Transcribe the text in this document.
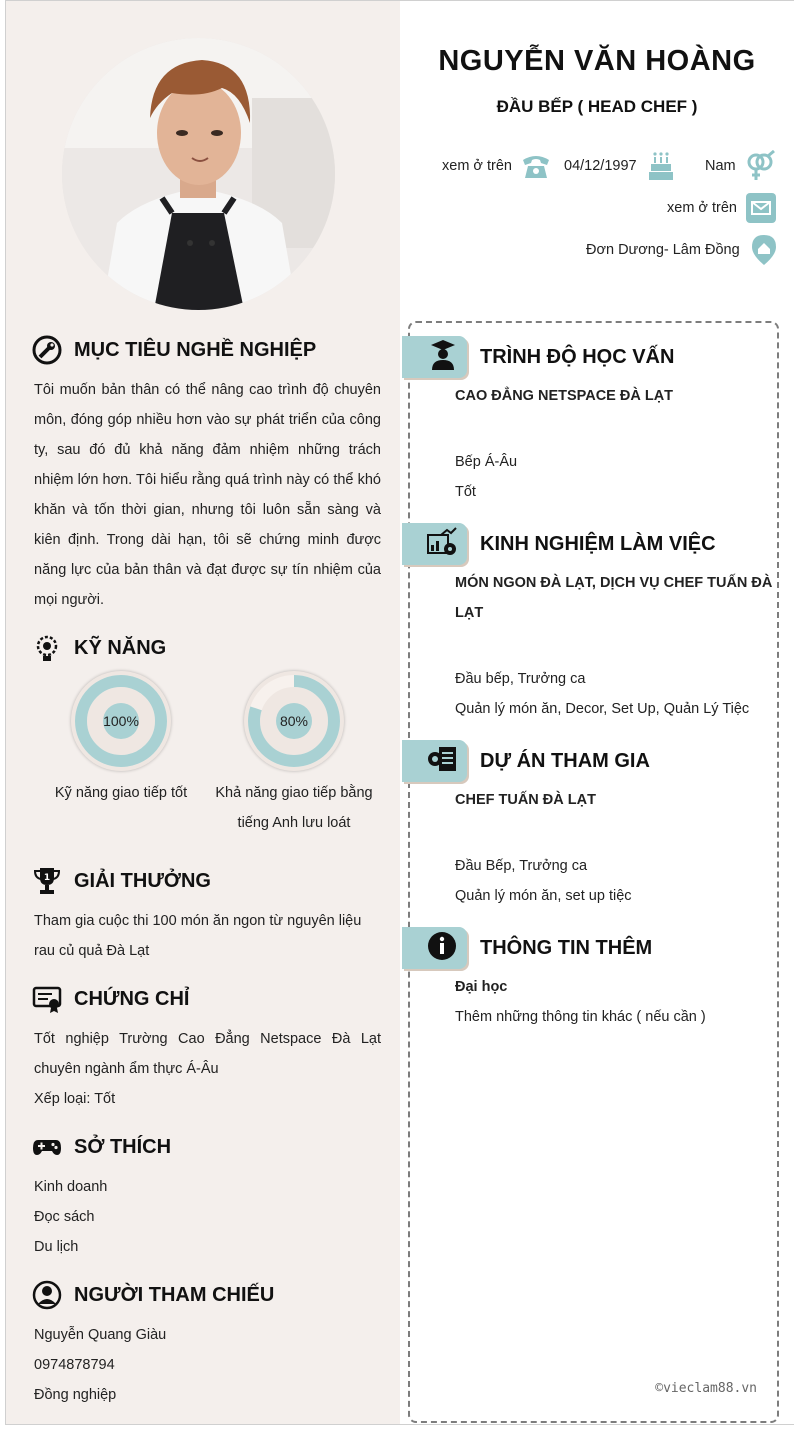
MỤC TIÊU NGHỀ NGHIỆP
Tôi muốn bản thân có thể nâng cao trình độ chuyên môn, đóng góp nhiều hơn vào sự phát triển của công ty, sau đó đủ khả năng đảm nhiệm những trách nhiệm lớn hơn. Tôi hiểu rằng quá trình này có thể khó khăn và tốn thời gian, nhưng tôi luôn sẵn sàng và kiên định. Trong dài hạn, tôi sẽ chứng minh được năng lực của bản thân và đạt được sự tín nhiệm của mọi người.
KỸ NĂNG
100%
Kỹ năng giao tiếp tốt
80%
Khả năng giao tiếp bằng
tiếng Anh lưu loát
1 GIẢI THƯỞNG
Tham gia cuộc thi 100 món ăn ngon từ nguyên liệu
rau củ quả Đà Lạt
CHỨNG CHỈ
Tốt nghiệp Trường Cao Đẳng Netspace Đà Lạt
chuyên ngành ẩm thực Á-Âu
Xếp loại: Tốt
SỞ THÍCH
Kinh doanh
Đọc sách
Du lịch
NGƯỜI THAM CHIẾU
Nguyễn Quang Giàu
0974878794
Đồng nghiệp
NGUYỄN VĂN HOÀNG
ĐẦU BẾP ( HEAD CHEF )
xem ở trên	04/12/1997	Nam
xem ở trên
Đơn Dương- Lâm Đồng
TRÌNH ĐỘ HỌC VẤN
CAO ĐẲNG NETSPACE ĐÀ LẠT
Bếp Á-Âu
Tốt
KINH NGHIỆM LÀM VIỆC
MÓN NGON ĐÀ LẠT, DỊCH VỤ CHEF TUẤN ĐÀ
LẠT
Đầu bếp, Trưởng ca
Quản lý món ăn, Decor, Set Up, Quản Lý Tiệc
DỰ ÁN THAM GIA
CHEF TUẤN ĐÀ LẠT
Đầu Bếp, Trưởng ca
Quản lý món ăn, set up tiệc
THÔNG TIN THÊM
Đại học
Thêm những thông tin khác ( nếu cần )
©vieclam88.vn
